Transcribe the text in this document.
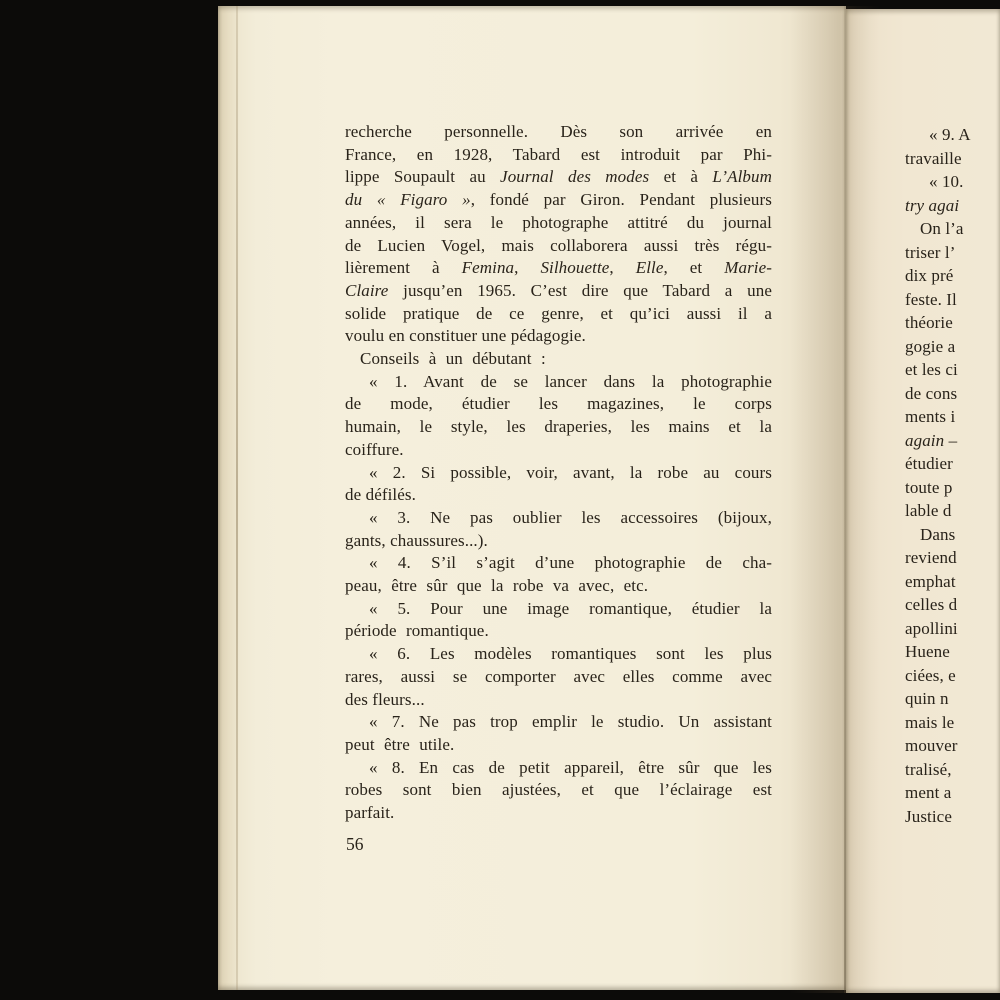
recherche personnelle. Dès son arrivée en
France, en 1928, Tabard est introduit par Phi-
lippe Soupault au Journal des modes et à L’Album
du « Figaro », fondé par Giron. Pendant plusieurs
années, il sera le photographe attitré du journal
de Lucien Vogel, mais collaborera aussi très régu-
lièrement à Femina, Silhouette, Elle, et Marie-
Claire jusqu’en 1965. C’est dire que Tabard a une
solide pratique de ce genre, et qu’ici aussi il a
voulu en constituer une pédagogie.
Conseils à un débutant :
« 1. Avant de se lancer dans la photographie
de mode, étudier les magazines, le corps
humain, le style, les draperies, les mains et la
coiffure.
« 2. Si possible, voir, avant, la robe au cours
de défilés.
« 3. Ne pas oublier les accessoires (bijoux,
gants, chaussures...).
« 4. S’il s’agit d’une photographie de cha-
peau, être sûr que la robe va avec, etc.
« 5. Pour une image romantique, étudier la
période romantique.
« 6. Les modèles romantiques sont les plus
rares, aussi se comporter avec elles comme avec
des fleurs...
« 7. Ne pas trop emplir le studio. Un assistant
peut être utile.
« 8. En cas de petit appareil, être sûr que les
robes sont bien ajustées, et que l’éclairage est
parfait.
56
« 9. A
travaille
« 10.
try agai
On l’a
triser l’
dix pré
feste. Il
théorie
gogie a
et les ci
de cons
ments i
again –
étudier
toute p
lable d
Dans
reviend
emphat
celles d
apollini
Huene
ciées, e
quin n
mais le
mouver
tralisé,
ment a
Justice
